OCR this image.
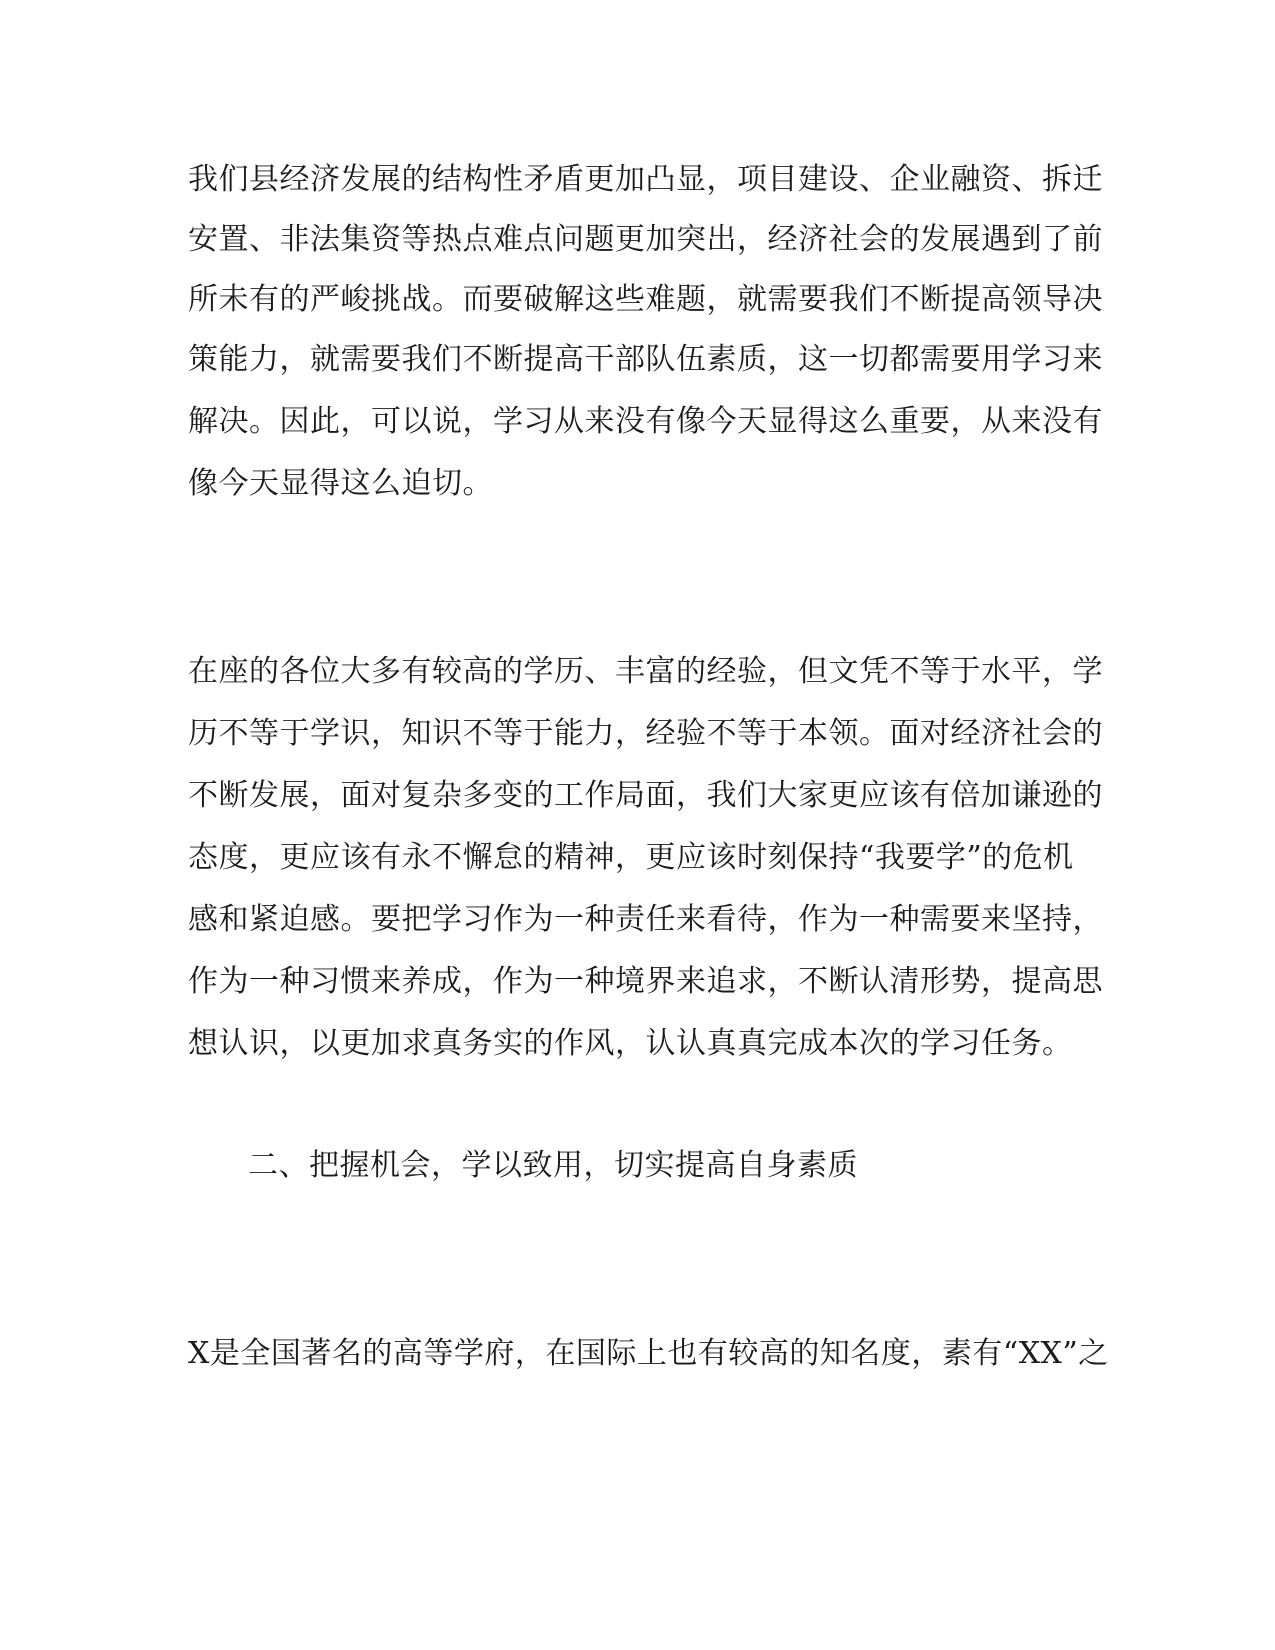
我们县经济发展的结构性矛盾更加凸显，项目建设、企业融资、拆迁
安置、非法集资等热点难点问题更加突出，经济社会的发展遇到了前
所未有的严峻挑战。而要破解这些难题，就需要我们不断提高领导决
策能力，就需要我们不断提高干部队伍素质，这一切都需要用学习来
解决。因此，可以说，学习从来没有像今天显得这么重要，从来没有
像今天显得这么迫切。
在座的各位大多有较高的学历、丰富的经验，但文凭不等于水平，学
历不等于学识，知识不等于能力，经验不等于本领。面对经济社会的
不断发展，面对复杂多变的工作局面，我们大家更应该有倍加谦逊的
态度，更应该有永不懈怠的精神，更应该时刻保持“我要学”的危机
感和紧迫感。要把学习作为一种责任来看待，作为一种需要来坚持，
作为一种习惯来养成，作为一种境界来追求，不断认清形势，提高思
想认识，以更加求真务实的作风，认认真真完成本次的学习任务。
二、把握机会，学以致用，切实提高自身素质
X是全国著名的高等学府，在国际上也有较高的知名度，素有“XX”之
